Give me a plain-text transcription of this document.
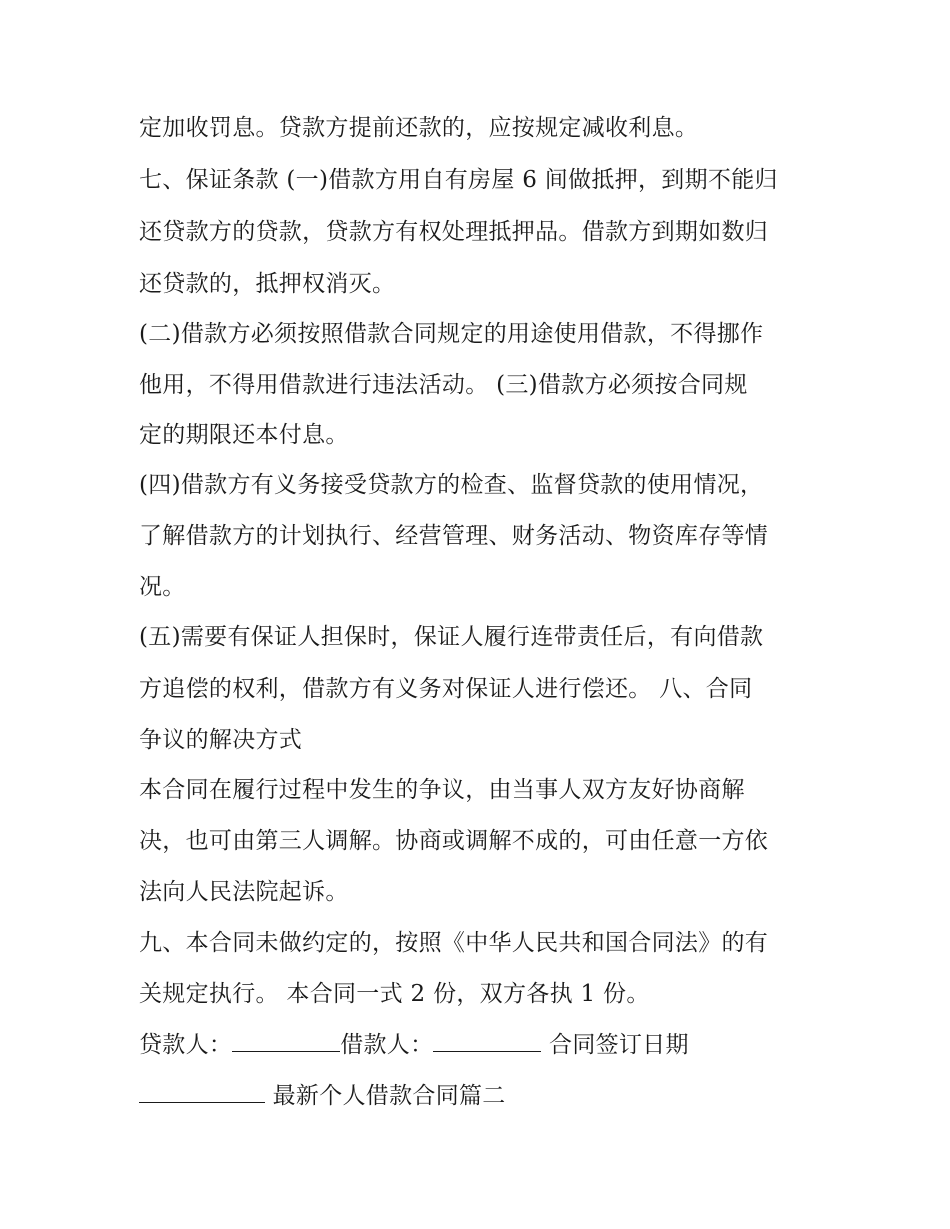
定加收罚息。贷款方提前还款的，应按规定减收利息。
七、保证条款 (一)借款方用自有房屋 6 间做抵押，到期不能归
还贷款方的贷款，贷款方有权处理抵押品。借款方到期如数归
还贷款的，抵押权消灭。
(二)借款方必须按照借款合同规定的用途使用借款，不得挪作
他用，不得用借款进行违法活动。 (三)借款方必须按合同规
定的期限还本付息。
(四)借款方有义务接受贷款方的检查、监督贷款的使用情况，
了解借款方的计划执行、经营管理、财务活动、物资库存等情
况。
(五)需要有保证人担保时，保证人履行连带责任后，有向借款
方追偿的权利，借款方有义务对保证人进行偿还。 八、合同
争议的解决方式
本合同在履行过程中发生的争议，由当事人双方友好协商解
决，也可由第三人调解。协商或调解不成的，可由任意一方依
法向人民法院起诉。
九、本合同未做约定的，按照《中华人民共和国合同法》的有
关规定执行。 本合同一式 2 份，双方各执 1 份。
贷款人：	借款人：	合同签订日期
最新个人借款合同篇二
